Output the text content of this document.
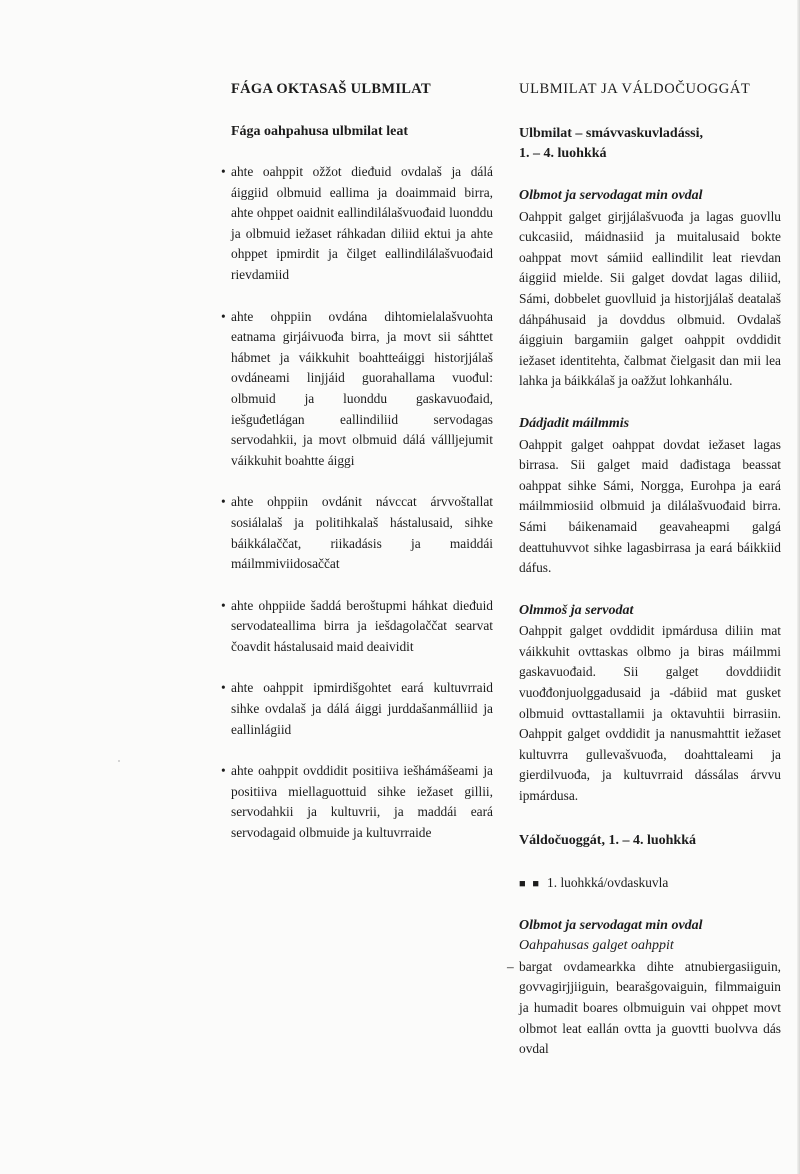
FÁGA OKTASAŠ ULBMILAT

Fága oahpahusa ulbmilat leat

• ahte oahppit ožžot dieđuid ovdalaš ja dálá áiggiid olbmuid eallima ja doaimmaid birra, ahte ohppet oaidnit eallindilálašvuođaid luonddu ja olbmuid iežaset ráhkadan diliid ektui ja ahte ohppet ipmirdit ja čilget eallindilálašvuođaid rievdamiid
• ahte ohppiin ovdána dihtomielalašvuohta eatnama girjáivuođa birra, ja movt sii sáhttet hábmet ja váikkuhit boahtteáiggi historjjálaš ovdáneami linjjáid guorahallama vuođul: olbmuid ja luonddu gaskavuođaid, iešguđetlágan eallindiliid servodagas servodahkii, ja movt olbmuid dálá vállljejumit váikkuhit boahtte áiggi
• ahte ohppiin ovdánit návccat árvvoštallat sosiálalaš ja politihkalaš hástalusaid, sihke báikkálaččat, riikadásis ja maiddái máilmmiviidosaččat
• ahte ohppiide šaddá beroštupmi háhkat dieđuid servodateallima birra ja iešdagolaččat searvat čoavdit hástalusaid maid deaividit
• ahte oahppit ipmirdišgohtet eará kultuvrraid sihke ovdalaš ja dálá áiggi jurddašanmálliid ja eallinlágiid
• ahte oahppit ovddidit positiiva iešhámášeami ja positiiva miellaguottuid sihke iežaset gillii, servodahkii ja kultuvrii, ja maddái eará servodagaid olbmuide ja kultuvrraide
ULBMILAT JA VÁLDOČUOGGÁT

Ulbmilat – smávvaskuvladássi,
1. – 4. luohkká

Olbmot ja servodagat min ovdal

Oahppit galget girjjálašvuođa ja lagas guovllu cukcasiid, máidnasiid ja muitalusaid bokte oahppat movt sámiid eallindilit leat rievdan áiggiid mielde. Sii galget dovdat lagas diliid, Sámi, dobbelet guovlluid ja historjjálaš deatalaš dáhpáhusaid ja dovddus olbmuid. Ovdalaš áiggiuin bargamiin galget oahppit ovddidit iežaset identitehta, čalbmat čielgasit dan mii lea lahka ja báikkálaš ja oažžut lohkanhálu.

Dádjadit máilmmis

Oahppit galget oahppat dovdat iežaset lagas birrasa. Sii galget maid dađistaga beassat oahppat sihke Sámi, Norgga, Eurohpa ja eará máilmmiosiid olbmuid ja dilálašvuođaid birra. Sámi báikenamaid geavaheapmi galgá deattuhuvvot sihke lagasbirrasa ja eará báikkiid dáfus.

Olmmoš ja servodat

Oahppit galget ovddidit ipmárdusa diliin mat váikkuhit ovttaskas olbmo ja biras máilmmi gaskavuođaid. Sii galget dovddiidit vuođđonjuolggadusaid ja -dábiid mat gusket olbmuid ovttastallamii ja oktavuhtii birrasiin. Oahppit galget ovddidit ja nanusmahttit iežaset kultuvrra gullevašvuođa, doahttaleami ja gierdilvuođa, ja kultuvrraid dássálas árvvu ipmárdusa.

Váldočuoggát, 1. – 4. luohkká

■ ■ 1. luohkká/ovdaskuvla

Olbmot ja servodagat min ovdal

Oahpahusas galget oahppit

– bargat ovdamearkka dihte atnubiergasiiguin, govvagirjjiiguin, bearašgovaiguin, filmmaiguin ja humadit boares olbmuiguin vai ohppet movt olbmot leat eallán ovtta ja guovtti buolvva dás ovdal
